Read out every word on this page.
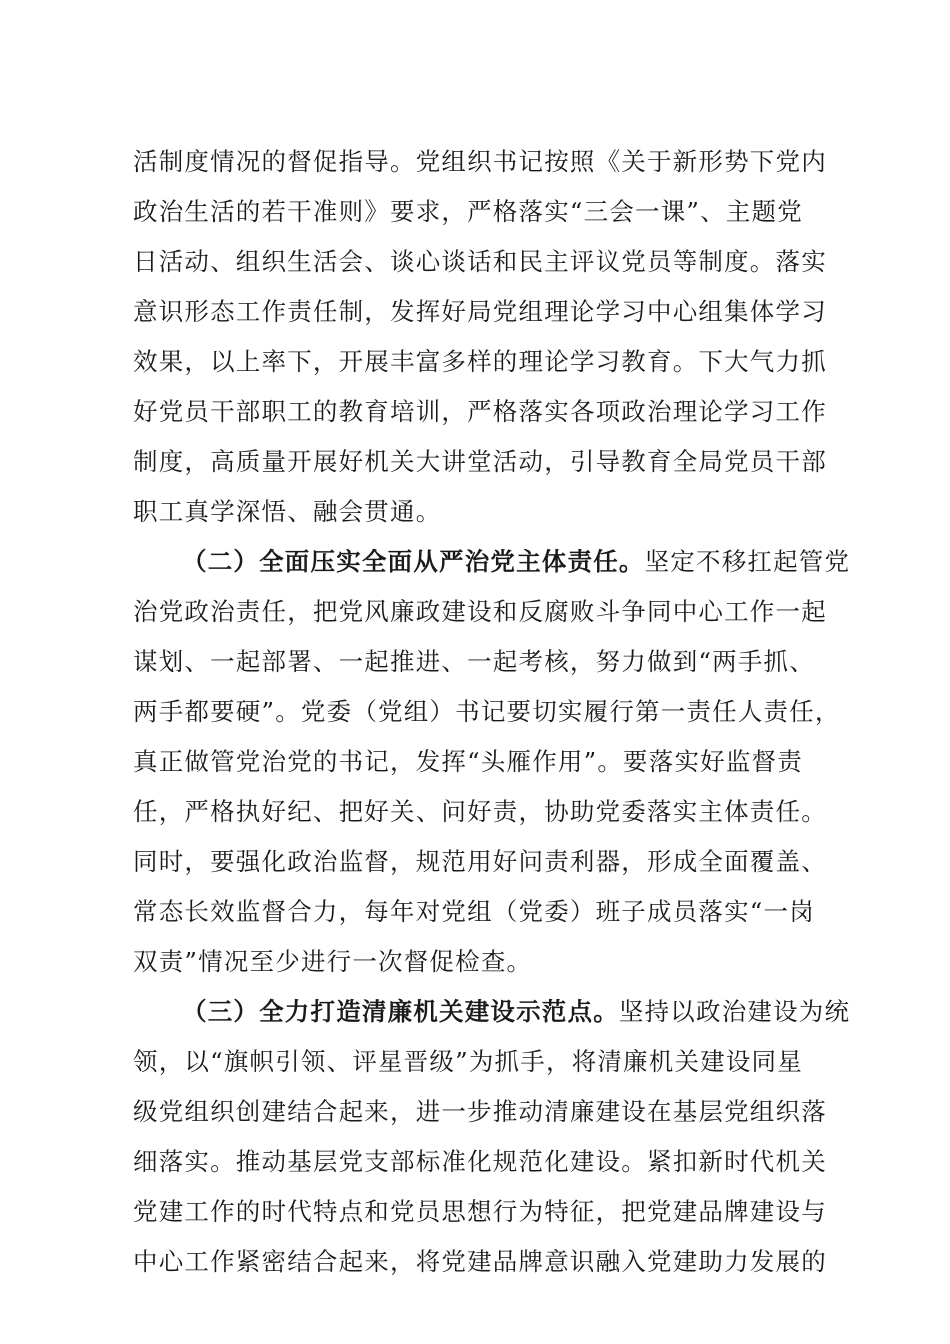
活制度情况的督促指导。党组织书记按照《关于新形势下党内
政治生活的若干准则》要求，严格落实“三会一课”、主题党
日活动、组织生活会、谈心谈话和民主评议党员等制度。落实
意识形态工作责任制，发挥好局党组理论学习中心组集体学习
效果，以上率下，开展丰富多样的理论学习教育。下大气力抓
好党员干部职工的教育培训，严格落实各项政治理论学习工作
制度，高质量开展好机关大讲堂活动，引导教育全局党员干部
职工真学深悟、融会贯通。
（二）全面压实全面从严治党主体责任。坚定不移扛起管党
治党政治责任，把党风廉政建设和反腐败斗争同中心工作一起
谋划、一起部署、一起推进、一起考核，努力做到“两手抓、
两手都要硬”。党委（党组）书记要切实履行第一责任人责任，
真正做管党治党的书记，发挥“头雁作用”。要落实好监督责
任，严格执好纪、把好关、问好责，协助党委落实主体责任。
同时，要强化政治监督，规范用好问责利器，形成全面覆盖、
常态长效监督合力，每年对党组（党委）班子成员落实“一岗
双责”情况至少进行一次督促检查。
（三）全力打造清廉机关建设示范点。坚持以政治建设为统
领，以“旗帜引领、评星晋级”为抓手，将清廉机关建设同星
级党组织创建结合起来，进一步推动清廉建设在基层党组织落
细落实。推动基层党支部标准化规范化建设。紧扣新时代机关
党建工作的时代特点和党员思想行为特征，把党建品牌建设与
中心工作紧密结合起来，将党建品牌意识融入党建助力发展的
